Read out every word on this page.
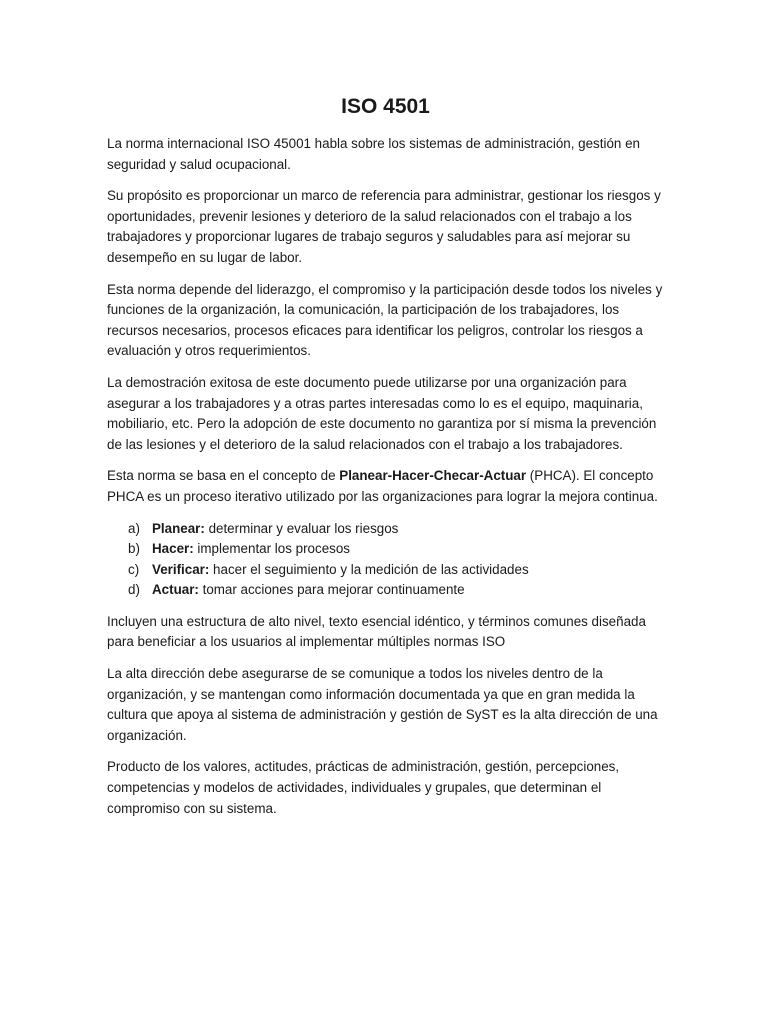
ISO 4501

La norma internacional ISO 45001 habla sobre los sistemas de administración, gestión en seguridad y salud ocupacional.

Su propósito es proporcionar un marco de referencia para administrar, gestionar los riesgos y oportunidades, prevenir lesiones y deterioro de la salud relacionados con el trabajo a los trabajadores y proporcionar lugares de trabajo seguros y saludables para así mejorar su desempeño en su lugar de labor.

Esta norma depende del liderazgo, el compromiso y la participación desde todos los niveles y funciones de la organización, la comunicación, la participación de los trabajadores, los recursos necesarios, procesos eficaces para identificar los peligros, controlar los riesgos a evaluación y otros requerimientos.

La demostración exitosa de este documento puede utilizarse por una organización para asegurar a los trabajadores y a otras partes interesadas como lo es el equipo, maquinaria, mobiliario, etc. Pero la adopción de este documento no garantiza por sí misma la prevención de las lesiones y el deterioro de la salud relacionados con el trabajo a los trabajadores.

Esta norma se basa en el concepto de Planear-Hacer-Checar-Actuar (PHCA). El concepto PHCA es un proceso iterativo utilizado por las organizaciones para lograr la mejora continua.

a) Planear: determinar y evaluar los riesgos
b) Hacer: implementar los procesos
c) Verificar: hacer el seguimiento y la medición de las actividades
d) Actuar: tomar acciones para mejorar continuamente

Incluyen una estructura de alto nivel, texto esencial idéntico, y términos comunes diseñada para beneficiar a los usuarios al implementar múltiples normas ISO

La alta dirección debe asegurarse de se comunique a todos los niveles dentro de la organización, y se mantengan como información documentada ya que en gran medida la cultura que apoya al sistema de administración y gestión de SyST es la alta dirección de una organización.

Producto de los valores, actitudes, prácticas de administración, gestión, percepciones, competencias y modelos de actividades, individuales y grupales, que determinan el compromiso con su sistema.
